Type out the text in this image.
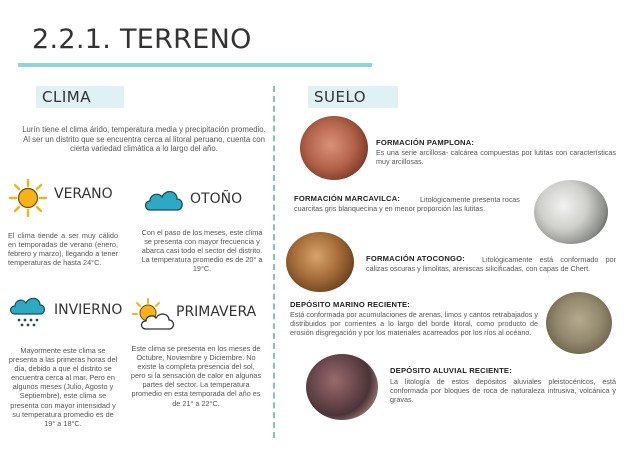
2.2.1. TERRENO
CLIMA

Lurín tiene el clima árido, temperatura media y precipitación promedio. Al ser un distrito que se encuentra cerca al litoral peruano, cuenta con cierta variedad climática a lo largo del año.

VERANO

El clima tiende a ser muy cálido en temporadas de verano (enero, febrero y marzo), llegando a tener temperaturas de hasta 24°C.

OTOÑO

Con el paso de los meses, este clima se presenta con mayor frecuencia y abarca casi todo el sector del distrito. La temperatura promedio es de 20° a 19°C.

INVIERNO

Mayormente este clima se presenta a las primeras horas del día, debido a que el distrito se encuentra cerca al mar. Pero en algunos meses (Julio, Agosto y Septiembre), este clima se presenta con mayor intensidad y su temperatura promedio es de 19° a 18°C.

PRIMAVERA

Este clima se presenta en los meses de Octubre, Noviembre y Diciembre. No existe la completa presencia del sol, pero si la sensación de calor en algunas partes del sector. La temperatura promedio en esta temporada del año es de 21° a 22°C.

SUELO
FORMACIÓN PAMPLONA:

Es una serie arcillosa- calcárea compuestas por lutitas con características muy arcillosas.

FORMACIÓN MARCAVILCA:	Litológicamente presenta rocas cuarcitas gris blanquecina y en menor proporción las lutitas.

FORMACIÓN ATOCONGO:	Litológicamente está conformado por calizas oscuras y limolitas, areniscas silicificadas, con capas de Chert.

DEPÓSITO MARINO RECIENTE:

Está conformada por acumulaciones de arenas, limos y cantos retrabajados y distribuidos por corrientes a lo largo del borde litoral, como producto de erosión disgregación y por los materiales acarreados por los ríos al océano.

DEPÓSITO ALUVIAL RECIENTE:

La litología de estos depósitos aluviales pleistocénicos, está conformada por bloques de roca de naturaleza intrusiva, volcánica y gravas.
